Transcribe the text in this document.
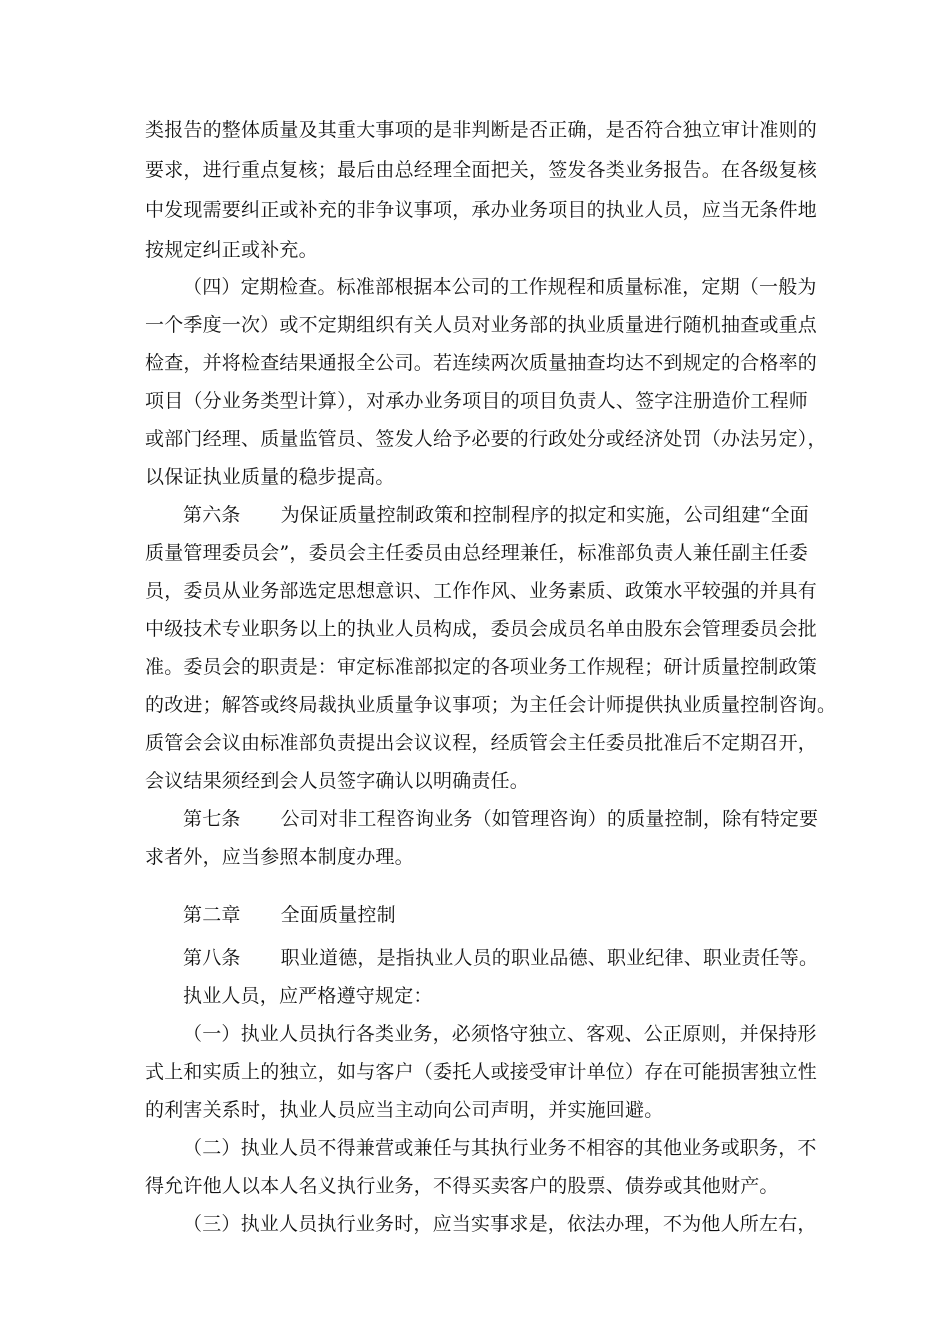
类报告的整体质量及其重大事项的是非判断是否正确，是否符合独立审计准则的
要求，进行重点复核；最后由总经理全面把关，签发各类业务报告。在各级复核
中发现需要纠正或补充的非争议事项，承办业务项目的执业人员，应当无条件地
按规定纠正或补充。
（四）定期检查。标准部根据本公司的工作规程和质量标准，定期（一般为
一个季度一次）或不定期组织有关人员对业务部的执业质量进行随机抽查或重点
检查，并将检查结果通报全公司。若连续两次质量抽查均达不到规定的合格率的
项目（分业务类型计算），对承办业务项目的项目负责人、签字注册造价工程师
或部门经理、质量监管员、签发人给予必要的行政处分或经济处罚（办法另定），
以保证执业质量的稳步提高。
第六条 为保证质量控制政策和控制程序的拟定和实施，公司组建“全面
质量管理委员会”，委员会主任委员由总经理兼任，标准部负责人兼任副主任委
员，委员从业务部选定思想意识、工作作风、业务素质、政策水平较强的并具有
中级技术专业职务以上的执业人员构成，委员会成员名单由股东会管理委员会批
准。委员会的职责是：审定标准部拟定的各项业务工作规程；研计质量控制政策
的改进；解答或终局裁执业质量争议事项；为主任会计师提供执业质量控制咨询。
质管会会议由标准部负责提出会议议程，经质管会主任委员批准后不定期召开，
会议结果须经到会人员签字确认以明确责任。
第七条 公司对非工程咨询业务（如管理咨询）的质量控制，除有特定要
求者外，应当参照本制度办理。
第二章 全面质量控制
第八条 职业道德，是指执业人员的职业品德、职业纪律、职业责任等。
执业人员，应严格遵守规定：
（一）执业人员执行各类业务，必须恪守独立、客观、公正原则，并保持形
式上和实质上的独立，如与客户（委托人或接受审计单位）存在可能损害独立性
的利害关系时，执业人员应当主动向公司声明，并实施回避。
（二）执业人员不得兼营或兼任与其执行业务不相容的其他业务或职务，不
得允许他人以本人名义执行业务，不得买卖客户的股票、债券或其他财产。
（三）执业人员执行业务时，应当实事求是，依法办理，不为他人所左右，
